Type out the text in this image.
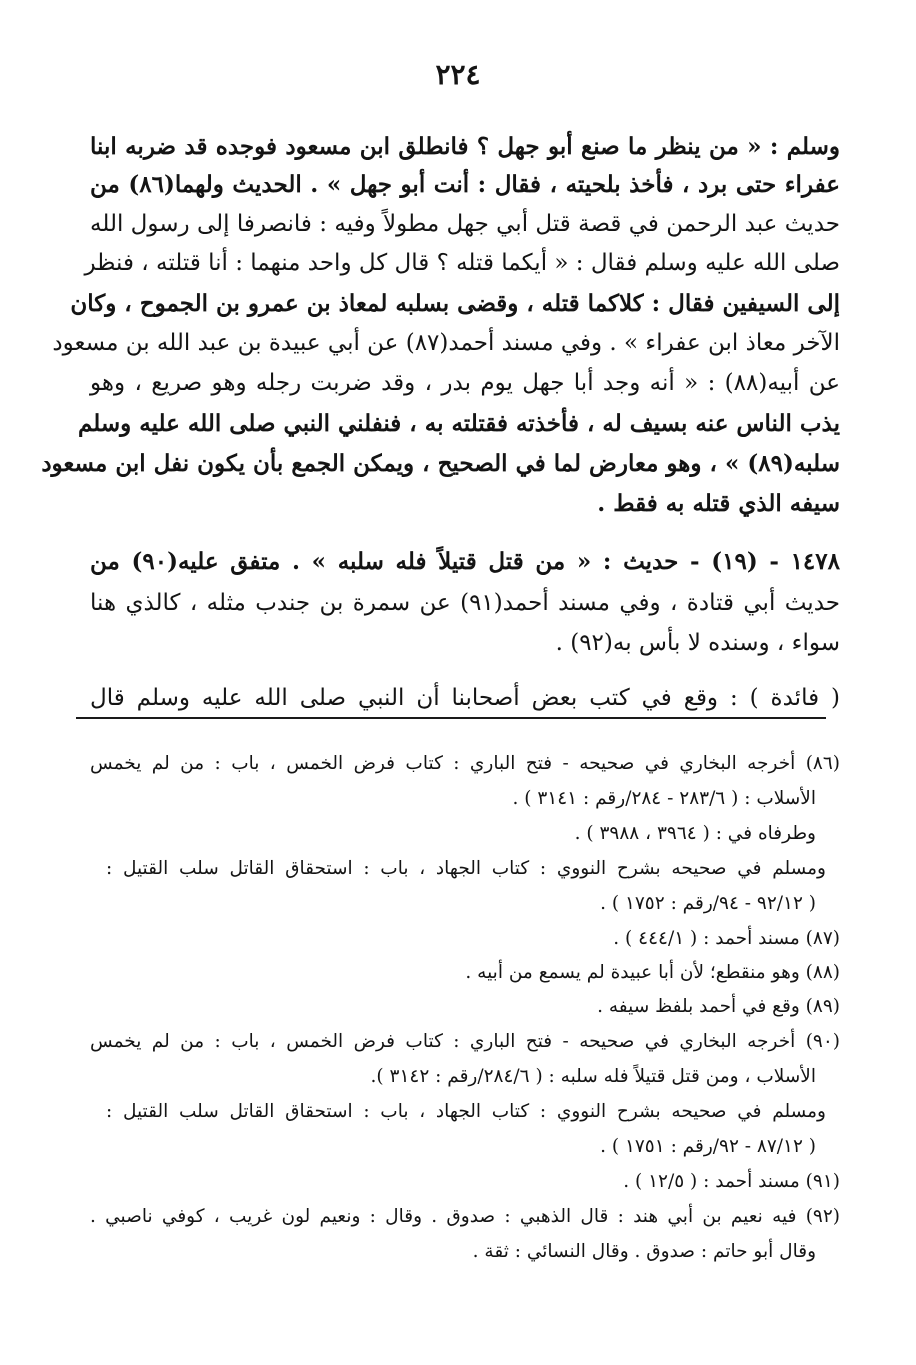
٢٢٤
وسلم : « من ينظر ما صنع أبو جهل ؟ فانطلق ابن مسعود فوجده قد ضربه ابنا
عفراء حتى برد ، فأخذ بلحيته ، فقال : أنت أبو جهل » . الحديث ولهما(٨٦) من
حديث عبد الرحمن في قصة قتل أبي جهل مطولاً وفيه : فانصرفا إلى رسول الله
صلى الله عليه وسلم فقال : « أيكما قتله ؟ قال كل واحد منهما : أنا قتلته ، فنظر
إلى السيفين فقال : كلاكما قتله ، وقضى بسلبه لمعاذ بن عمرو بن الجموح ، وكان
الآخر معاذ ابن عفراء » . وفي مسند أحمد(٨٧) عن أبي عبيدة بن عبد الله بن مسعود
عن أبيه(٨٨) : « أنه وجد أبا جهل يوم بدر ، وقد ضربت رجله وهو صريع ، وهو
يذب الناس عنه بسيف له ، فأخذته فقتلته به ، فنفلني النبي صلى الله عليه وسلم
سلبه(٨٩) » ، وهو معارض لما في الصحيح ، ويمكن الجمع بأن يكون نفل ابن مسعود
سيفه الذي قتله به فقط .
١٤٧٨ - (١٩) - حديث : « من قتل قتيلاً فله سلبه » . متفق عليه(٩٠) من
حديث أبي قتادة ، وفي مسند أحمد(٩١) عن سمرة بن جندب مثله ، كالذي هنا
سواء ، وسنده لا بأس به(٩٢) .
( فائدة ) : وقع في كتب بعض أصحابنا أن النبي صلى الله عليه وسلم قال
(٨٦) أخرجه البخاري في صحيحه - فتح الباري : كتاب فرض الخمس ، باب : من لم يخمس
الأسلاب : ( ٢٨٣/٦ - ٢٨٤/رقم : ٣١٤١ ) .
وطرفاه في : ( ٣٩٦٤ ، ٣٩٨٨ ) .
ومسلم في صحيحه بشرح النووي : كتاب الجهاد ، باب : استحقاق القاتل سلب القتيل :
( ٩٢/١٢ - ٩٤/رقم : ١٧٥٢ ) .
(٨٧) مسند أحمد : ( ٤٤٤/١ ) .
(٨٨) وهو منقطع؛ لأن أبا عبيدة لم يسمع من أبيه .
(٨٩) وقع في أحمد بلفظ سيفه .
(٩٠) أخرجه البخاري في صحيحه - فتح الباري : كتاب فرض الخمس ، باب : من لم يخمس
الأسلاب ، ومن قتل قتيلاً فله سلبه : ( ٢٨٤/٦/رقم : ٣١٤٢ ).
ومسلم في صحيحه بشرح النووي : كتاب الجهاد ، باب : استحقاق القاتل سلب القتيل :
( ٨٧/١٢ - ٩٢/رقم : ١٧٥١ ) .
(٩١) مسند أحمد : ( ١٢/٥ ) .
(٩٢) فيه نعيم بن أبي هند : قال الذهبي : صدوق . وقال : ونعيم لون غريب ، كوفي ناصبي .
وقال أبو حاتم : صدوق . وقال النسائي : ثقة .
